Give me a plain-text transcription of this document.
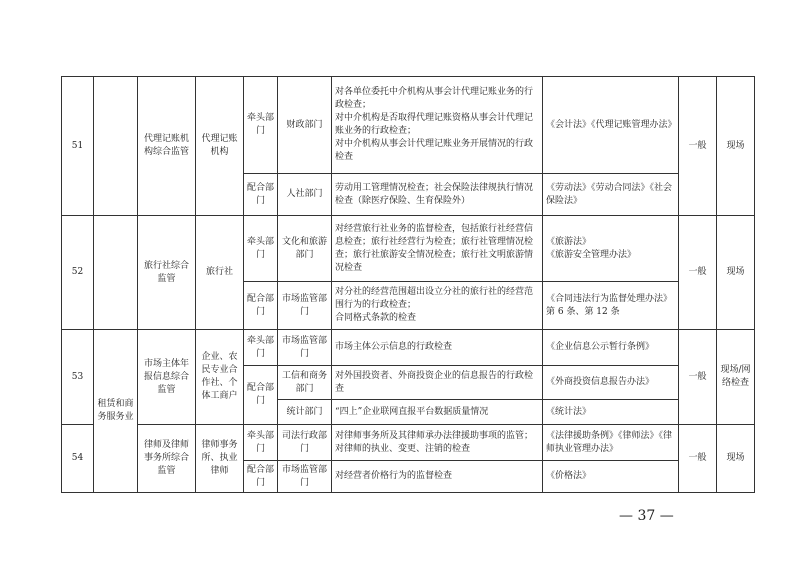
51		代理记账机构综合监管	代理记账机构	牵头部门	财政部门	对各单位委托中介机构从事会计代理记账业务的行政检查；
对中介机构是否取得代理记账资格从事会计代理记账业务的行政检查；
对中介机构从事会计代理记账业务开展情况的行政检查	《会计法》《代理记账管理办法》	一般	现场
				配合部门	人社部门	劳动用工管理情况检查；社会保险法律规执行情况检查（除医疗保险、生育保险外）	《劳动法》《劳动合同法》《社会保险法》		
52		旅行社综合监管	旅行社	牵头部门	文化和旅游部门	对经营旅行社业务的监督检查，包括旅行社经营信息检查；旅行社经营行为检查；旅行社管理情况检查；旅行社旅游安全情况检查；旅行社文明旅游情况检查	《旅游法》
《旅游安全管理办法》	一般	现场
				配合部门	市场监管部门	对分社的经营范围超出设立分社的旅行社的经营范围行为的行政检查；
合同格式条款的检查	《合同违法行为监督处理办法》第 6 条、第 12 条		
53	租赁和商务服务业	市场主体年报信息综合监管	企业、农民专业合作社、个体工商户	牵头部门	市场监管部门	市场主体公示信息的行政检查	《企业信息公示暂行条例》	一般	现场/网络检查
				配合部门	工信和商务部门	对外国投资者、外商投资企业的信息报告的行政检查	《外商投资信息报告办法》		
					统计部门	“四上”企业联网直报平台数据质量情况	《统计法》		
54		律师及律师事务所综合监管	律师事务所、执业律师	牵头部门	司法行政部门	对律师事务所及其律师承办法律援助事项的监管；对律师的执业、变更、注销的检查	《法律援助条例》《律师法》《律师执业管理办法》	一般	现场
				配合部门	市场监管部门	对经营者价格行为的监督检查	《价格法》		
— 37 —
